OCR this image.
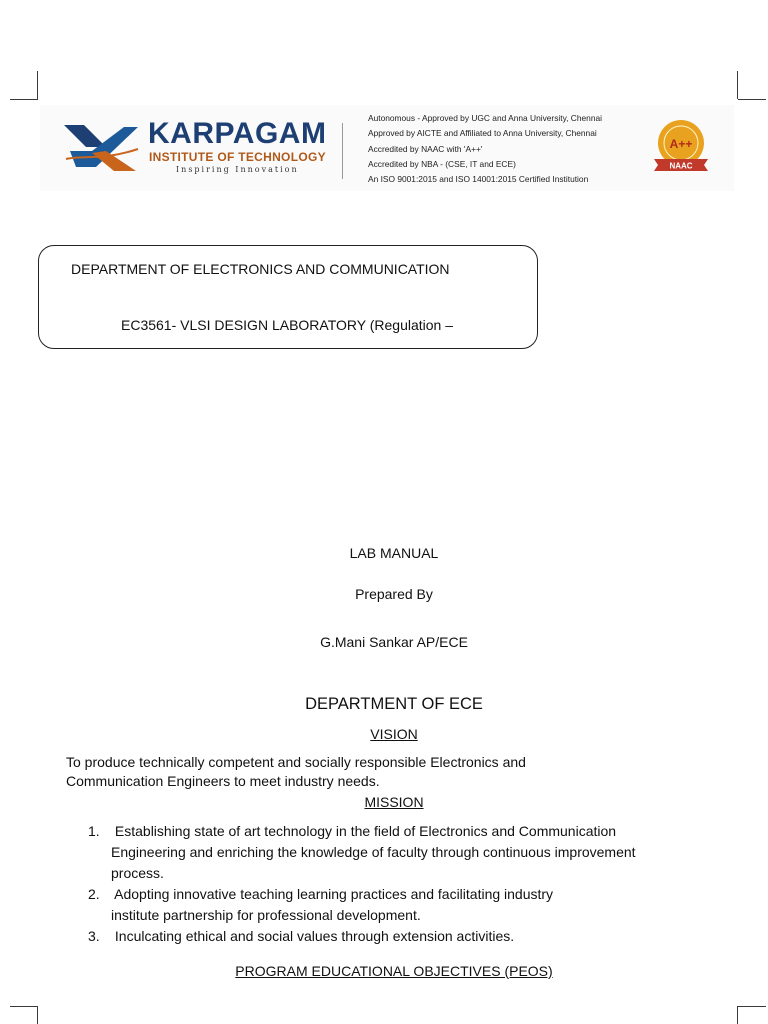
KARPAGAM
INSTITUTE OF TECHNOLOGY
Inspiring Innovation
Autonomous - Approved by UGC and Anna University, Chennai
Approved by AICTE and Affiliated to Anna University, Chennai
Accredited by NAAC with 'A++'
Accredited by NBA - (CSE, IT and ECE)
An ISO 9001:2015 and ISO 14001:2015 Certified Institution
A++
NAAC
DEPARTMENT OF ELECTRONICS AND COMMUNICATION
EC3561- VLSI DESIGN LABORATORY (Regulation –
LAB MANUAL
Prepared By
G.Mani Sankar AP/ECE
DEPARTMENT OF ECE
VISION
To produce technically competent and socially responsible Electronics and
Communication Engineers to meet industry needs.
MISSION
1. Establishing state of art technology in the field of Electronics and Communication
Engineering and enriching the knowledge of faculty through continuous improvement
process.
2. Adopting innovative teaching learning practices and facilitating industry
institute partnership for professional development.
3. Inculcating ethical and social values through extension activities.
PROGRAM EDUCATIONAL OBJECTIVES (PEOS)
